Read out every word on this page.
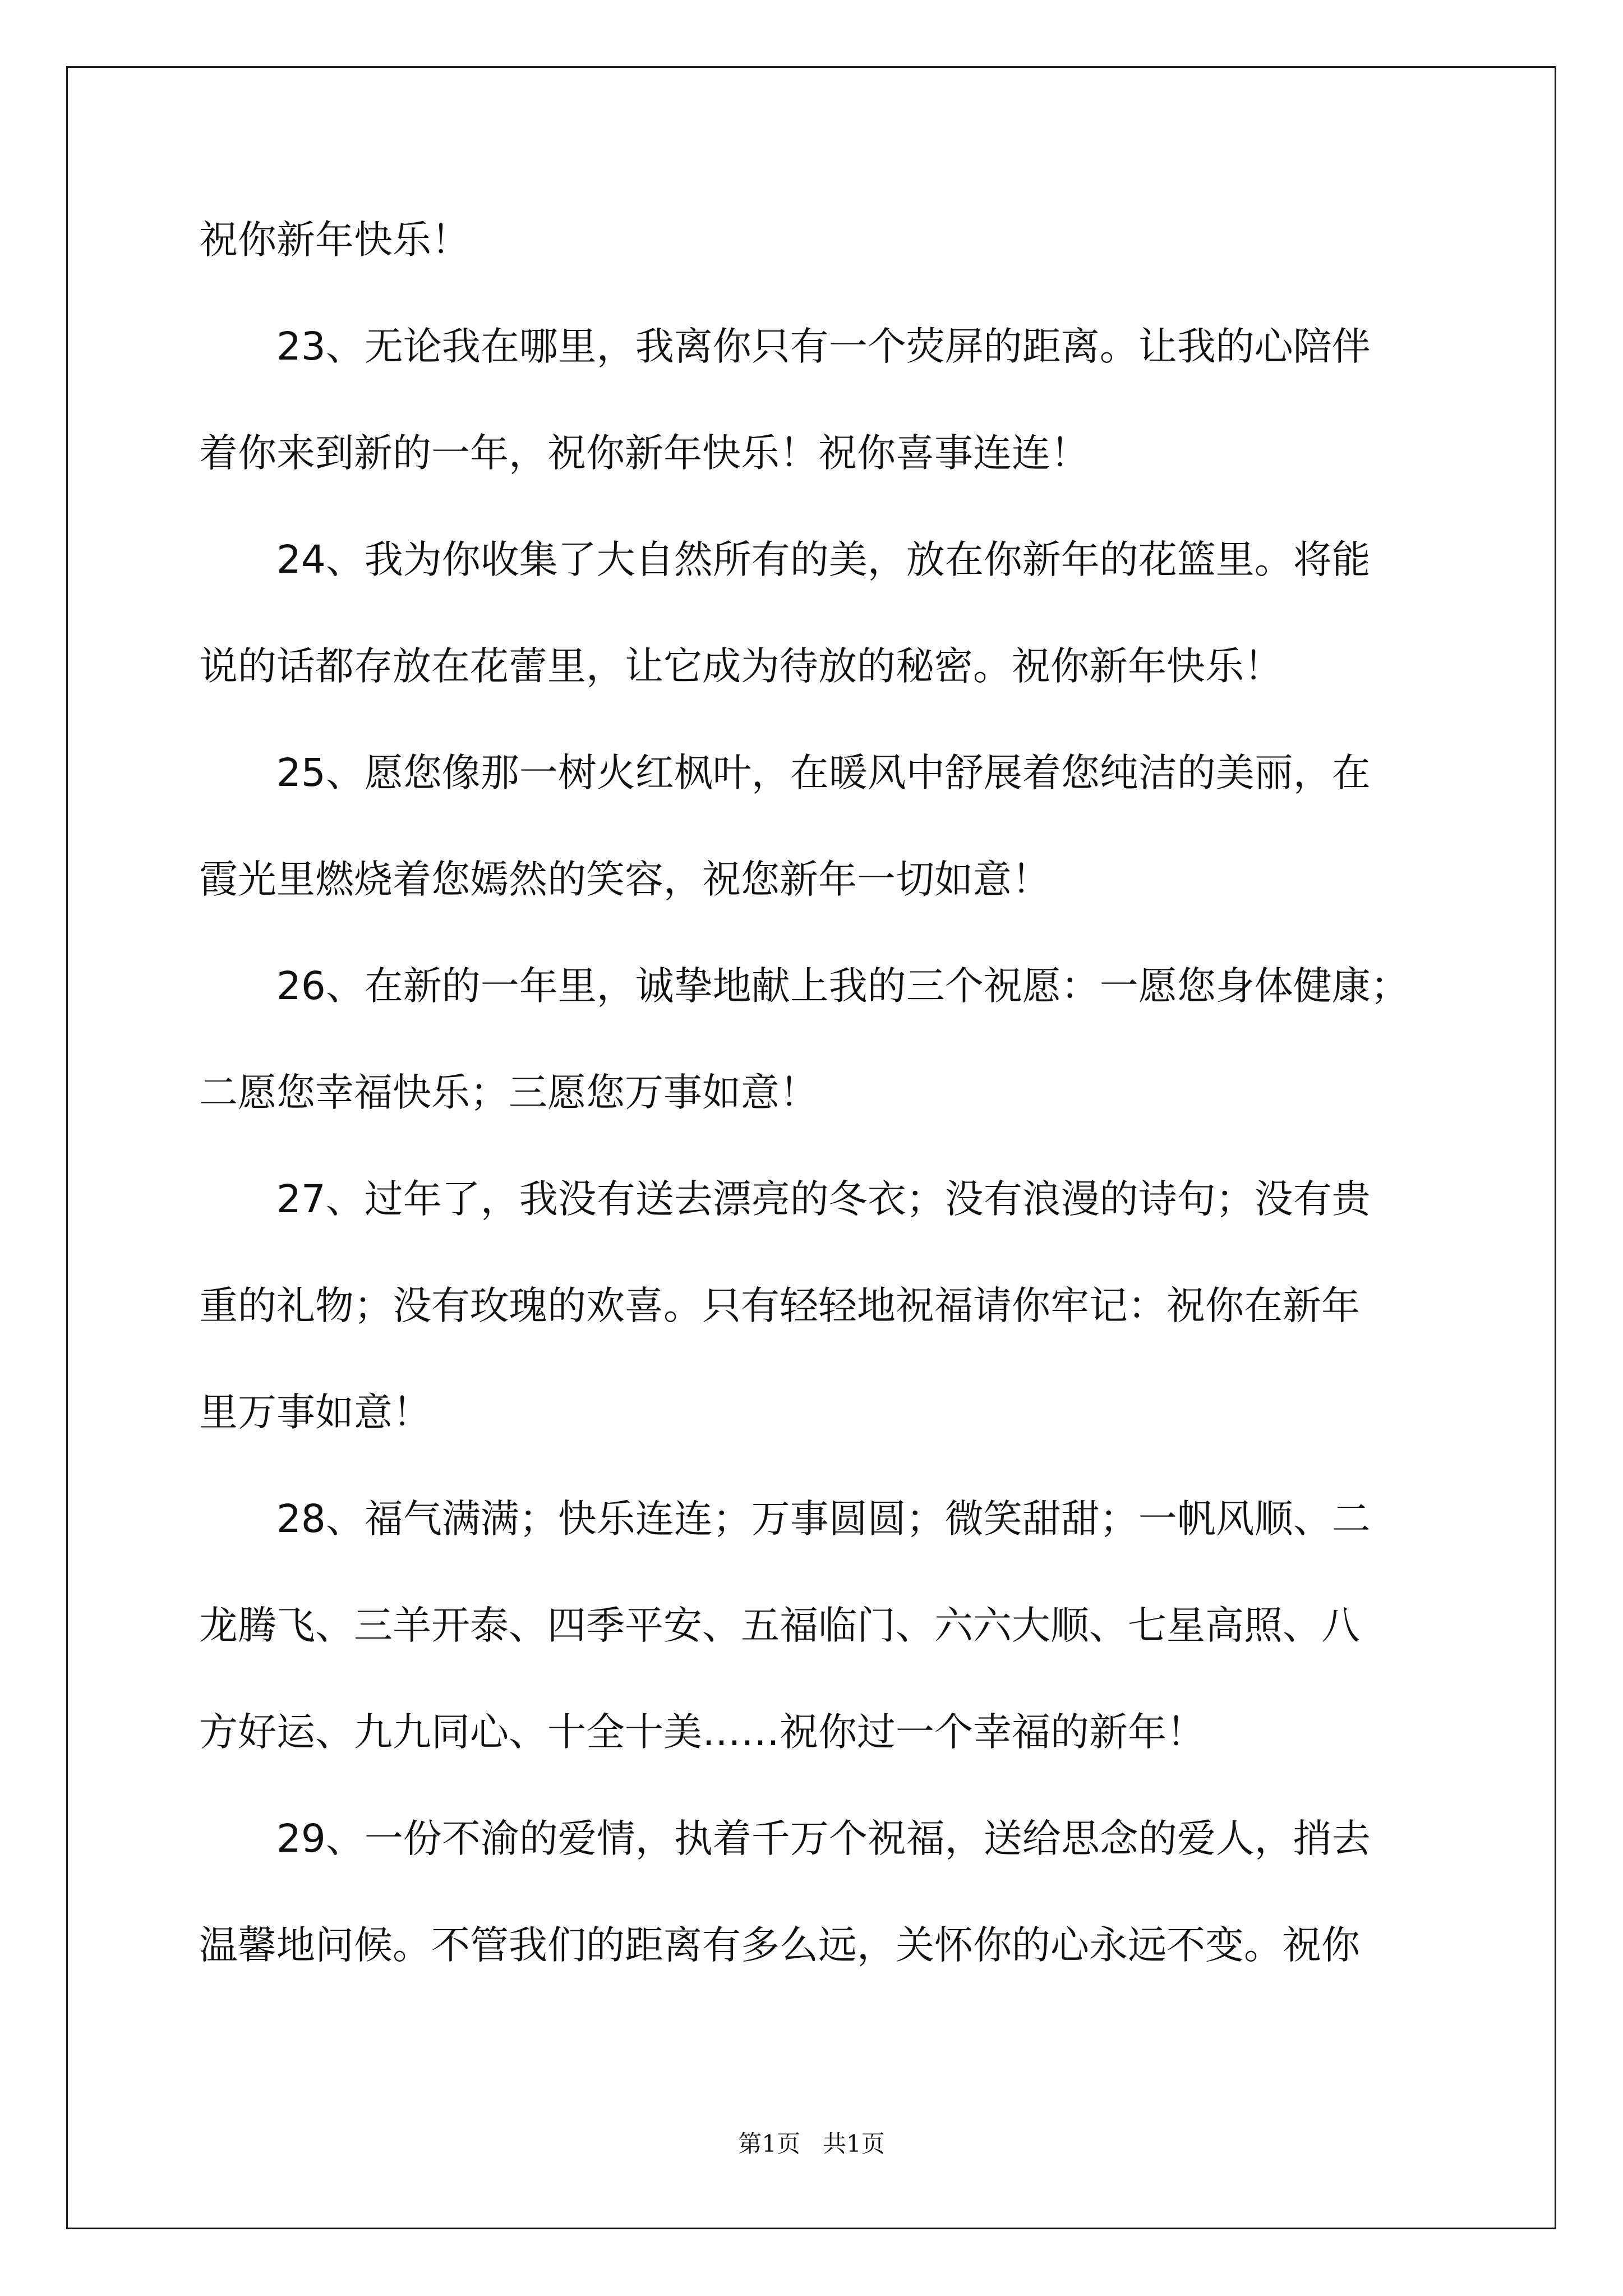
祝你新年快乐！
23、无论我在哪里，我离你只有一个荧屏的距离。让我的心陪伴
着你来到新的一年，祝你新年快乐！祝你喜事连连！
24、我为你收集了大自然所有的美，放在你新年的花篮里。将能
说的话都存放在花蕾里，让它成为待放的秘密。祝你新年快乐！
25、愿您像那一树火红枫叶，在暖风中舒展着您纯洁的美丽，在
霞光里燃烧着您嫣然的笑容，祝您新年一切如意！
26、在新的一年里，诚挚地献上我的三个祝愿：一愿您身体健康；
二愿您幸福快乐；三愿您万事如意！
27、过年了，我没有送去漂亮的冬衣；没有浪漫的诗句；没有贵
重的礼物；没有玫瑰的欢喜。只有轻轻地祝福请你牢记：祝你在新年
里万事如意！
28、福气满满；快乐连连；万事圆圆；微笑甜甜；一帆风顺、二
龙腾飞、三羊开泰、四季平安、五福临门、六六大顺、七星高照、八
方好运、九九同心、十全十美……祝你过一个幸福的新年！
29、一份不渝的爱情，执着千万个祝福，送给思念的爱人，捎去
温馨地问候。不管我们的距离有多么远，关怀你的心永远不变。祝你
第1页   共1页
